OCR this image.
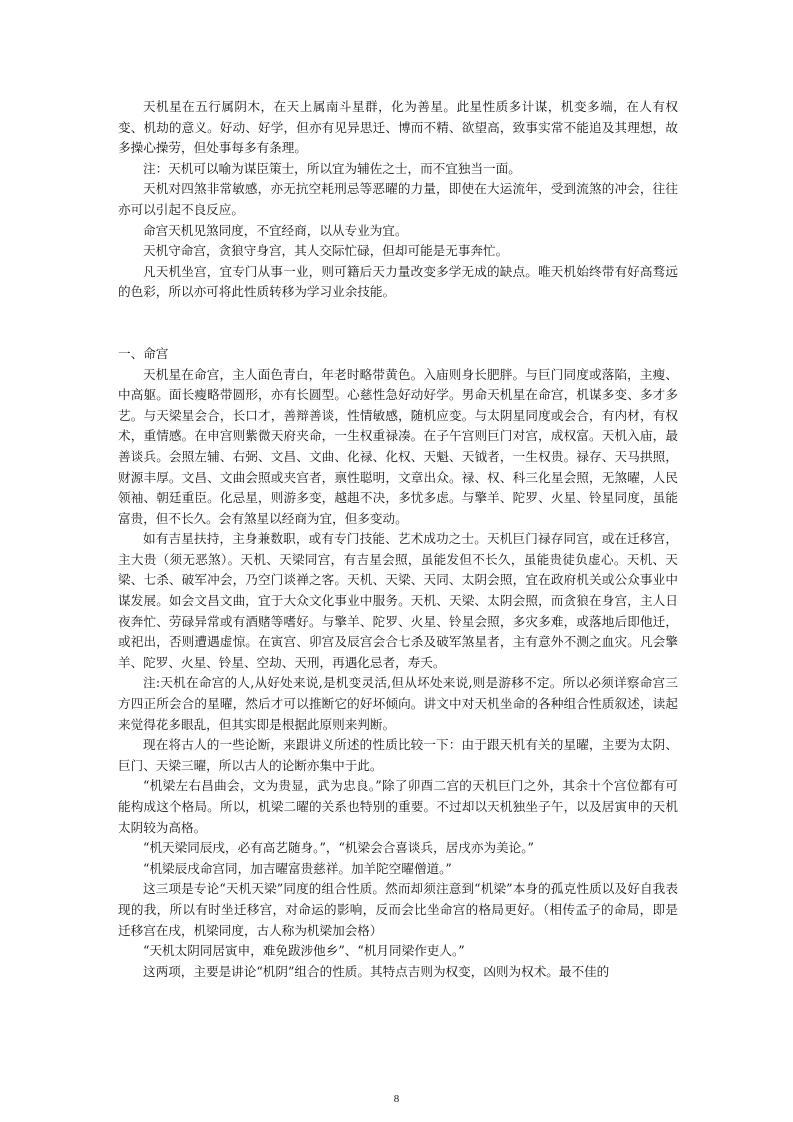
天机星在五行属阴木，在天上属南斗星群，化为善星。此星性质多计谋，机变多端，在人有权变、机劫的意义。好动、好学，但亦有见异思迁、博而不精、欲望高，致事实常不能追及其理想，故多操心操劳，但处事每多有条理。

注：天机可以喻为谋臣策士，所以宜为辅佐之士，而不宜独当一面。

天机对四煞非常敏感，亦无抗空耗刑忌等恶曜的力量，即使在大运流年，受到流煞的冲会，往往亦可以引起不良反应。

命宫天机见煞同度，不宜经商，以从专业为宜。

天机守命宫，贪狼守身宫，其人交际忙碌，但却可能是无事奔忙。

凡天机坐宫，宜专门从事一业，则可籍后天力量改变多学无成的缺点。唯天机始终带有好高骛远的色彩，所以亦可将此性质转移为学习业余技能。

一、命宫

天机星在命宫，主人面色青白，年老时略带黄色。入庙则身长肥胖。与巨门同度或落陷，主瘦、中高躯。面长瘦略带圆形，亦有长圆型。心慈性急好动好学。男命天机星在命宫，机谋多变、多才多艺。与天梁星会合，长口才，善辩善谈，性情敏感，随机应变。与太阴星同度或会合，有内材，有权术，重情感。在申宫则紫微天府夹命，一生权重禄凑。在子午宫则巨门对宫，成权富。天机入庙，最善谈兵。会照左辅、右弼、文昌、文曲、化禄、化权、天魁、天钺者，一生权贵。禄存、天马拱照，财源丰厚。文昌、文曲会照或夹宫者，禀性聪明，文章出众。禄、权、科三化星会照，无煞曜，人民领袖、朝廷重臣。化忌星，则游多变，越趄不决，多忧多虑。与擎羊、陀罗、火星、铃星同度，虽能富贵，但不长久。会有煞星以经商为宜，但多变动。

如有吉星扶持，主身兼数职，或有专门技能、艺术成功之士。天机巨门禄存同宫，或在迁移宫，主大贵（须无恶煞）。天机、天梁同宫，有吉星会照，虽能发但不长久，虽能贵徒负虚心。天机、天梁、七杀、破军冲会，乃空门谈禅之客。天机、天梁、天同、太阴会照，宜在政府机关或公众事业中谋发展。如会文昌文曲，宜于大众文化事业中服务。天机、天梁、太阴会照，而贪狼在身宫，主人日夜奔忙、劳碌异常或有酒赌等嗜好。与擎羊、陀罗、火星、铃星会照，多灾多难，或落地后即他迁，或祀出，否则遭遇虚惊。在寅宫、卯宫及辰宫会合七杀及破军煞星者，主有意外不测之血灾。凡会擎羊、陀罗、火星、铃星、空劫、天刑，再遇化忌者，寿夭。

注:天机在命宫的人,从好处来说,是机变灵活,但从坏处来说,则是游移不定。所以必须详察命宫三方四正所会合的星曜，然后才可以推断它的好坏倾向。讲文中对天机坐命的各种组合性质叙述，读起来觉得花多眼乱，但其实即是根据此原则来判断。

现在将古人的一些论断，来跟讲义所述的性质比较一下：由于跟天机有关的星曜，主要为太阴、巨门、天梁三曜，所以古人的论断亦集中于此。

“机梁左右昌曲会，文为贵显，武为忠良。”除了卯酉二宫的天机巨门之外，其余十个宫位都有可能构成这个格局。所以，机梁二曜的关系也特别的重要。不过却以天机独坐子午，以及居寅申的天机太阴较为高格。

“机天梁同辰戌，必有高艺随身。”，“机梁会合喜谈兵，居戌亦为美论。”

“机梁辰戌命宫同，加吉曜富贵慈祥。加羊陀空曜僧道。”

这三项是专论“天机天梁”同度的组合性质。然而却须注意到“机梁”本身的孤克性质以及好自我表现的我，所以有时坐迁移宫，对命运的影响，反而会比坐命宫的格局更好。（相传孟子的命局，即是迁移宫在戌，机梁同度，古人称为机梁加会格）

“天机太阴同居寅申，难免跋涉他乡”、“机月同梁作吏人。”

这两项，主要是讲论“机阴”组合的性质。其特点吉则为权变，凶则为权术。最不佳的

8
